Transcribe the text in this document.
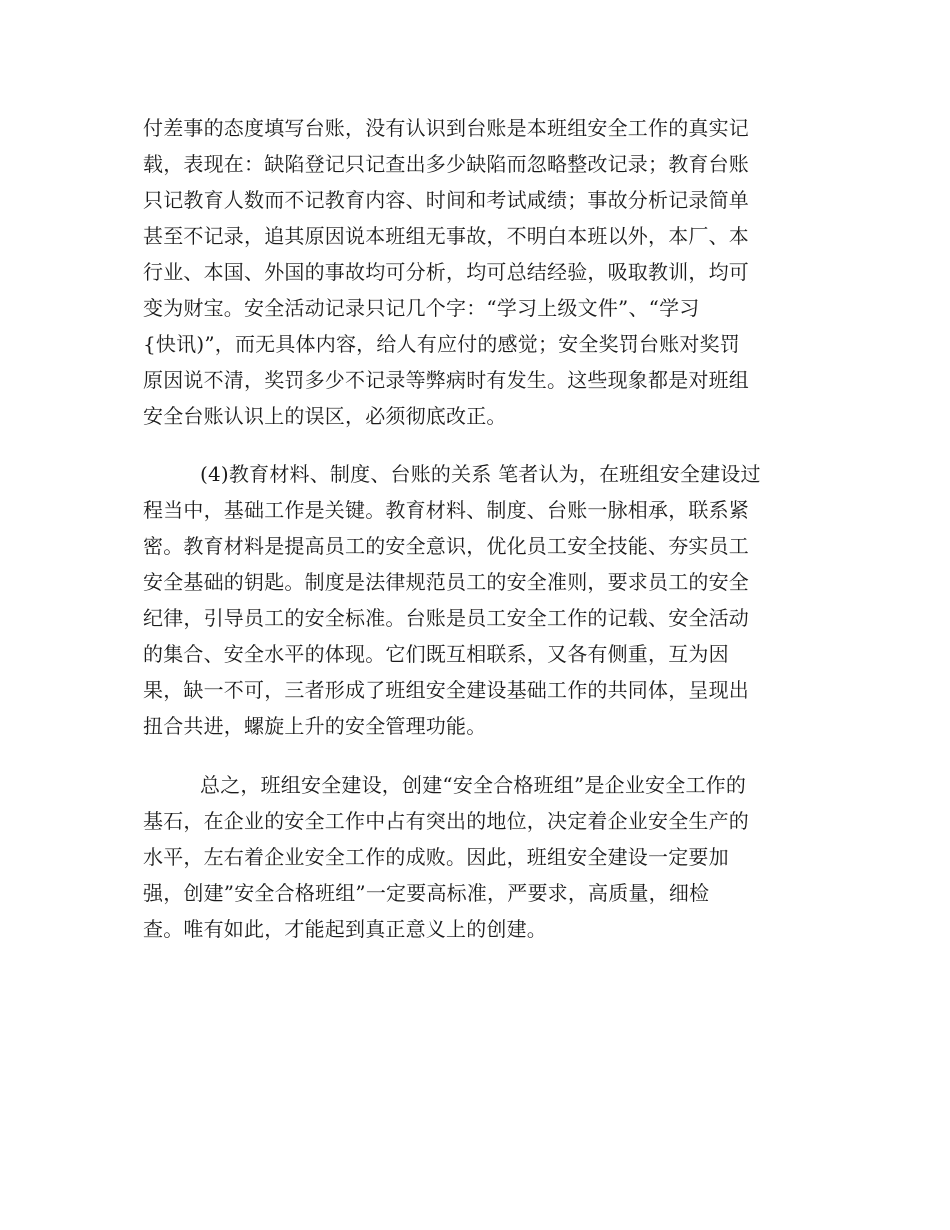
付差事的态度填写台账，没有认识到台账是本班组安全工作的真实记
载，表现在：缺陷登记只记查出多少缺陷而忽略整改记录；教育台账
只记教育人数而不记教育内容、时间和考试咸绩；事故分析记录简单
甚至不记录，追其原因说本班组无事故，不明白本班以外，本厂、本
行业、本国、外国的事故均可分析，均可总结经验，吸取教训，均可
变为财宝。安全活动记录只记几个字：“学习上级文件”、“学习
{快讯)”，而无具体内容，给人有应付的感觉；安全奖罚台账对奖罚
原因说不清，奖罚多少不记录等弊病时有发生。这些现象都是对班组
安全台账认识上的误区，必须彻底改正。
(4)教育材料、制度、台账的关系 笔者认为，在班组安全建设过
程当中，基础工作是关键。教育材料、制度、台账一脉相承，联系紧
密。教育材料是提高员工的安全意识，优化员工安全技能、夯实员工
安全基础的钥匙。制度是法律规范员工的安全准则，要求员工的安全
纪律，引导员工的安全标准。台账是员工安全工作的记载、安全活动
的集合、安全水平的体现。它们既互相联系，又各有侧重，互为因
果，缺一不可，三者形成了班组安全建设基础工作的共同体，呈现出
扭合共进，螺旋上升的安全管理功能。
总之，班组安全建设，创建“安全合格班组”是企业安全工作的
基石，在企业的安全工作中占有突出的地位，决定着企业安全生产的
水平，左右着企业安全工作的成败。因此，班组安全建设一定要加
强，创建”安全合格班组”一定要高标准，严要求，高质量，细检
查。唯有如此，才能起到真正意义上的创建。
